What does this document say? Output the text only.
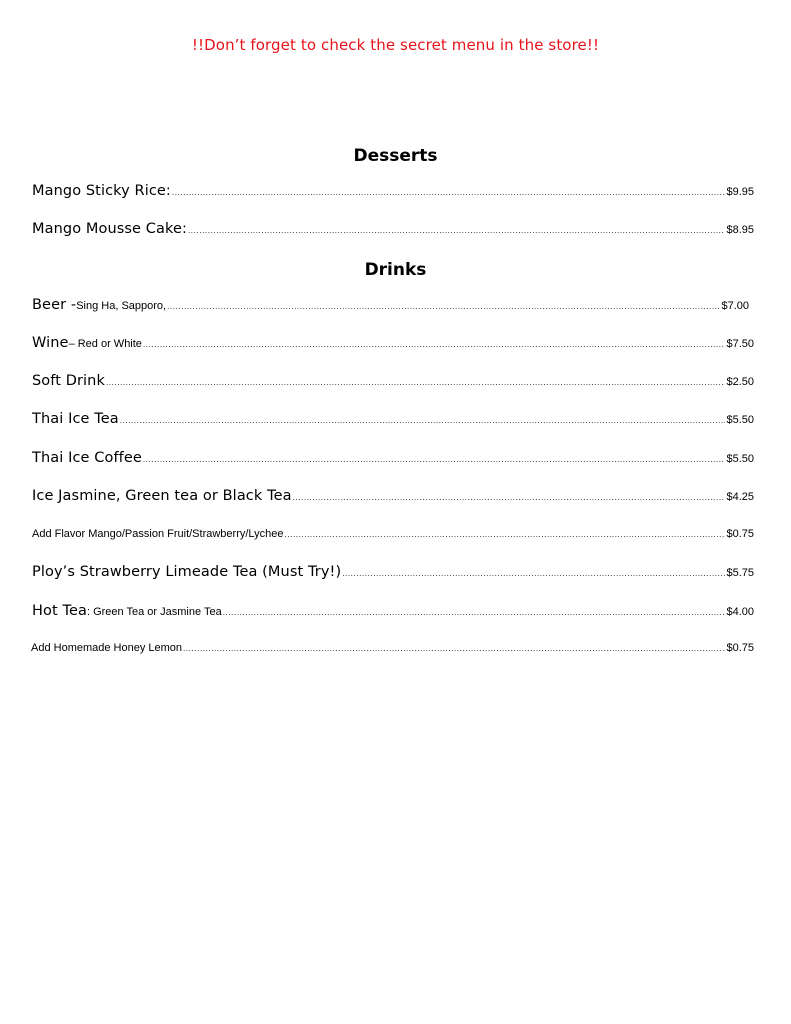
!!Don’t forget to check the secret menu in the store!!
Desserts
Mango Sticky Rice: .....	$9.95
Mango Mousse Cake: .....	$8.95
Drinks
Beer - Sing Ha, Sapporo, .....	$7.00
Wine – Red or White .....	$7.50
Soft Drink .....	$2.50
Thai Ice Tea .....	$5.50
Thai Ice Coffee .....	$5.50
Ice Jasmine, Green tea or Black Tea .....	$4.25
Add Flavor Mango/Passion Fruit/Strawberry/Lychee .....	$0.75
Ploy’s Strawberry Limeade Tea (Must Try!) .....	$5.75
Hot Tea : Green Tea or Jasmine Tea .....	$4.00
Add Homemade Honey Lemon .....	$0.75
